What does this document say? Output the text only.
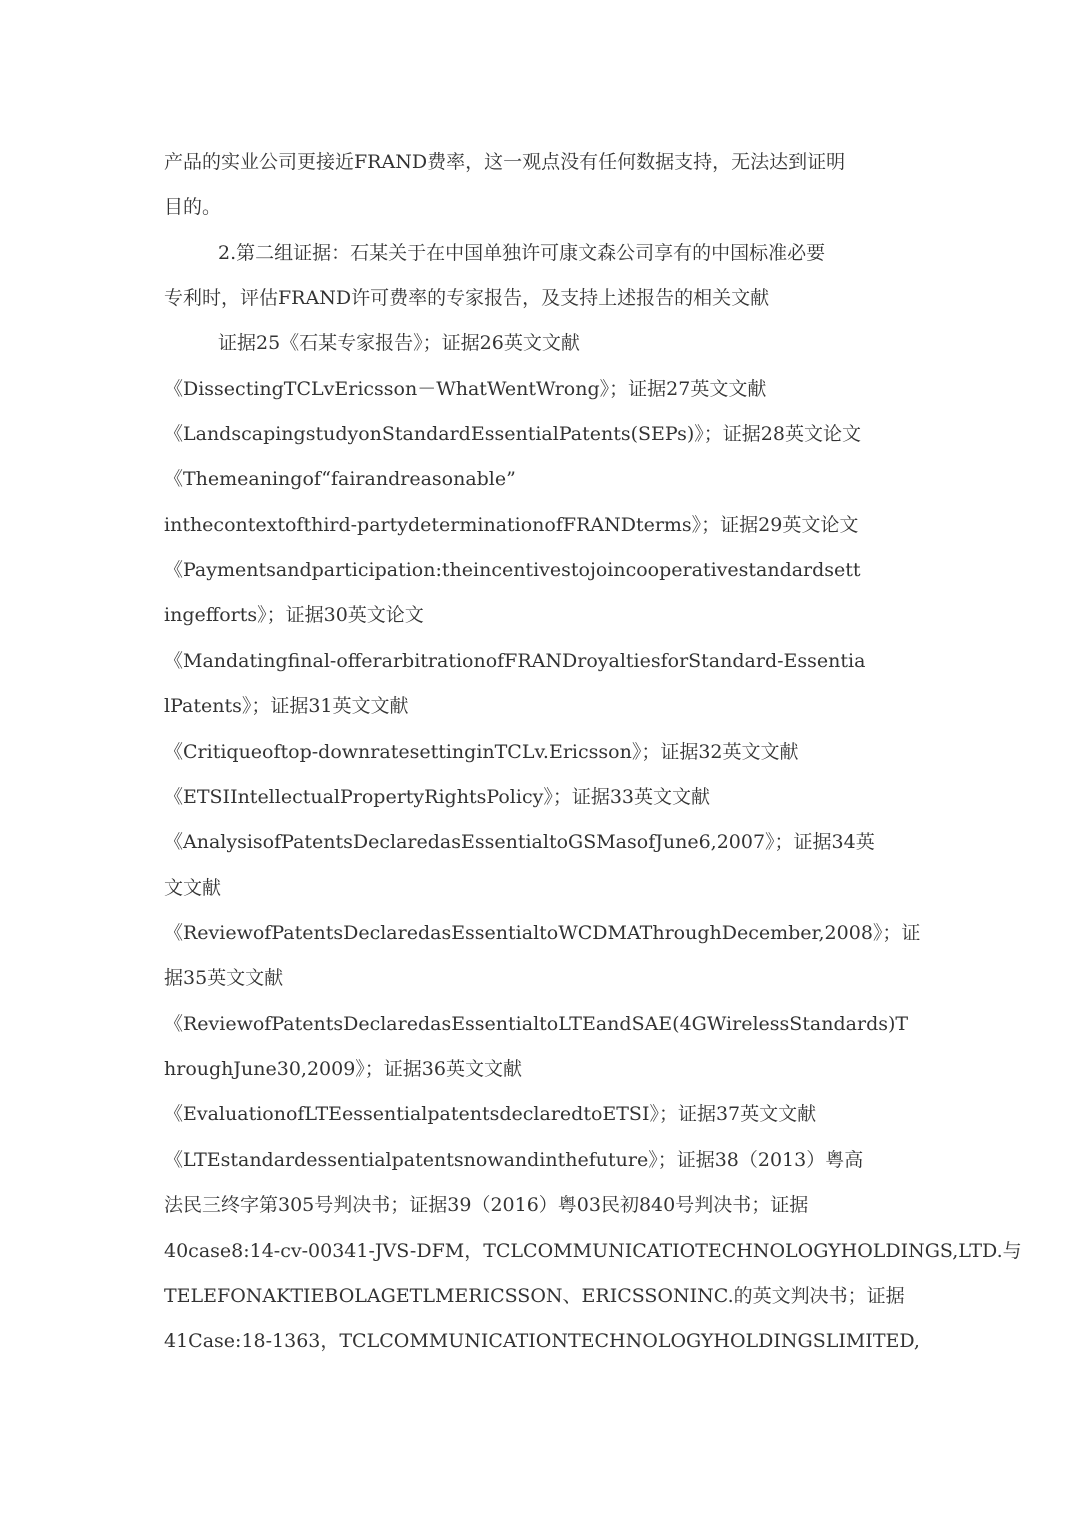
产品的实业公司更接近FRAND费率，这一观点没有任何数据支持，无法达到证明

目的。

2.第二组证据：石某关于在中国单独许可康文森公司享有的中国标准必要

专利时，评估FRAND许可费率的专家报告，及支持上述报告的相关文献

证据25《石某专家报告》；证据26英文文献

《DissectingTCLvEricsson－WhatWentWrong》；证据27英文文献

《LandscapingstudyonStandardEssentialPatents(SEPs)》；证据28英文论文

《Themeaningof“fairandreasonable”

inthecontextofthird-partydeterminationofFRANDterms》；证据29英文论文

《Paymentsandparticipation:theincentivestojoincooperativestandardsett

ingefforts》；证据30英文论文

《Mandatingfinal-offerarbitrationofFRANDroyaltiesforStandard-Essentia

lPatents》；证据31英文文献

《Critiqueoftop-downratesettinginTCLv.Ericsson》；证据32英文文献

《ETSIIntellectualPropertyRightsPolicy》；证据33英文文献

《AnalysisofPatentsDeclaredasEssentialtoGSMasofJune6,2007》；证据34英

文文献

《ReviewofPatentsDeclaredasEssentialtoWCDMAThroughDecember,2008》；证

据35英文文献

《ReviewofPatentsDeclaredasEssentialtoLTEandSAE(4GWirelessStandards)T

hroughJune30,2009》；证据36英文文献

《EvaluationofLTEessentialpatentsdeclaredtoETSI》；证据37英文文献

《LTEstandardessentialpatentsnowandinthefuture》；证据38（2013）粤高

法民三终字第305号判决书；证据39（2016）粤03民初840号判决书；证据

40case8:14-cv-00341-JVS-DFM，TCLCOMMUNICATIOTECHNOLOGYHOLDINGS,LTD.与

TELEFONAKTIEBOLAGETLMERICSSON、ERICSSONINC.的英文判决书；证据

41Case:18-1363，TCLCOMMUNICATIONTECHNOLOGYHOLDINGSLIMITED,
